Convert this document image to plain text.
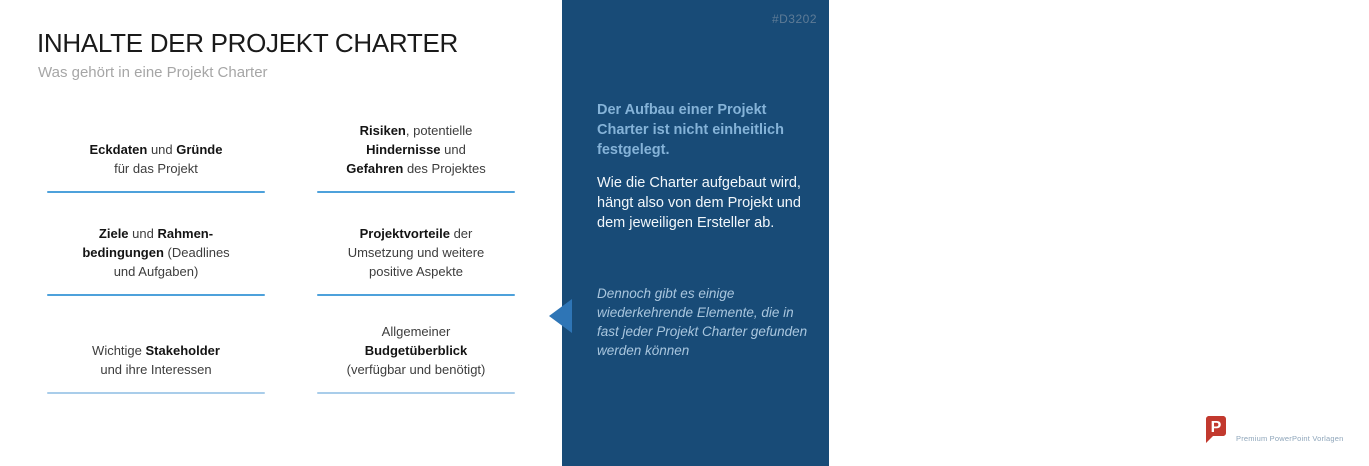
INHALTE DER PROJEKT CHARTER
Was gehört in eine Projekt Charter
Eckdaten und Gründe
für das Projekt
Ziele und Rahmen-
bedingungen (Deadlines
und Aufgaben)
Wichtige Stakeholder
und ihre Interessen
Risiken, potentielle
Hindernisse und
Gefahren des Projektes
Projektvorteile der
Umsetzung und weitere
positive Aspekte
Allgemeiner
Budgetüberblick
(verfügbar und benötigt)
#D3202
Der Aufbau einer Projekt Charter ist nicht einheitlich festgelegt.
Wie die Charter aufgebaut wird, hängt also von dem Projekt und dem jeweiligen Ersteller ab.
Dennoch gibt es einige wiederkehrende Elemente, die in fast jeder Projekt Charter gefunden werden können
P PRESENTATIONLOAD®
Premium PowerPoint Vorlagen
